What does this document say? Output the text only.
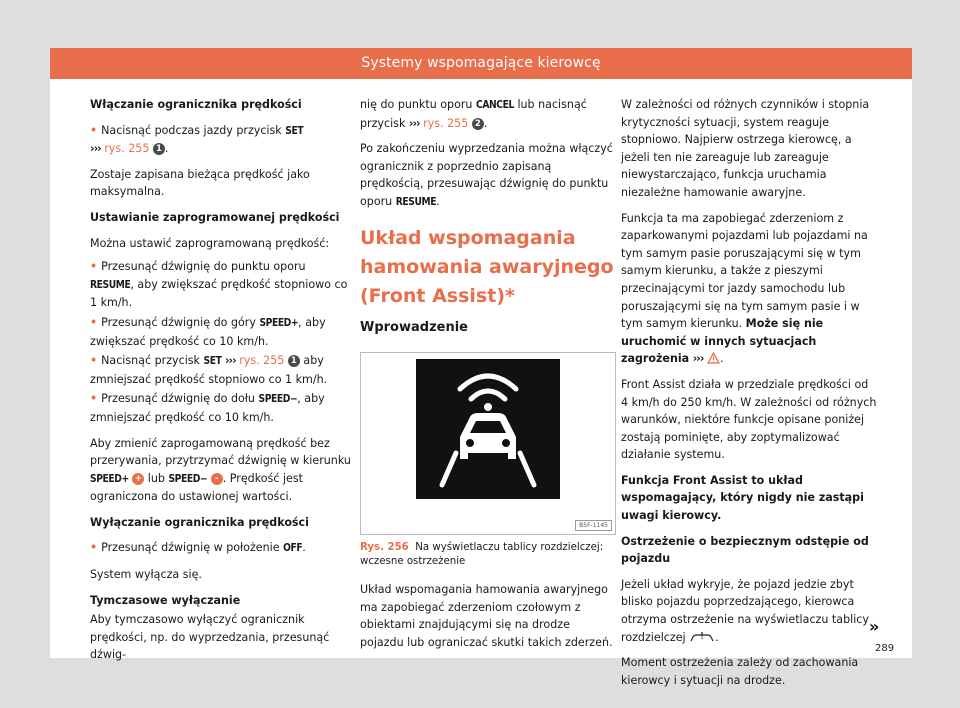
Systemy wspomagające kierowcę

Włączanie ogranicznika prędkości

• Nacisnąć podczas jazdy przycisk SET
››› rys. 255 1 .

Zostaje zapisana bieżąca prędkość jako maksymalna.

Ustawianie zaprogramowanej prędkości

Można ustawić zaprogramowaną prędkość:

• Przesunąć dźwignię do punktu oporu RESUME, aby zwiększać prędkość stopniowo co 1 km/h.

• Przesunąć dźwignię do góry SPEED+, aby zwiększać prędkość co 10 km/h.

• Nacisnąć przycisk SET ››› rys. 255 1 aby zmniejszać prędkość stopniowo co 1 km/h.

• Przesunąć dźwignię do dołu SPEED−, aby zmniejszać prędkość co 10 km/h.

Aby zmienić zaprogamowaną prędkość bez przerywania, przytrzymać dźwignię w kierunku SPEED+ + lub SPEED− - . Prędkość jest ograniczona do ustawionej wartości.

Wyłączanie ogranicznika prędkości

• Przesunąć dźwignię w położenie OFF.

System wyłącza się.

Tymczasowe wyłączanie

Aby tymczasowo wyłączyć ogranicznik prędkości, np. do wyprzedzania, przesunąć dźwig-

nię do punktu oporu CANCEL lub nacisnąć przycisk ››› rys. 255 2 .

Po zakończeniu wyprzedzania można włączyć ogranicznik z poprzednio zapisaną prędkością, przesuwając dźwignię do punktu oporu RESUME.

Układ wspomagania hamowania awaryjnego (Front Assist)*
Wprowadzenie
B5F-1145

Rys. 256 Na wyświetlaczu tablicy rozdzielczej: wczesne ostrzeżenie

Układ wspomagania hamowania awaryjnego ma zapobiegać zderzeniom czołowym z obiektami znajdującymi się na drodze pojazdu lub ograniczać skutki takich zderzeń.

W zależności od różnych czynników i stopnia krytyczności sytuacji, system reaguje stopniowo. Najpierw ostrzega kierowcę, a jeżeli ten nie zareaguje lub zareaguje niewystarczająco, funkcja uruchamia niezależne hamowanie awaryjne.

Funkcja ta ma zapobiegać zderzeniom z zaparkowanymi pojazdami lub pojazdami na tym samym pasie poruszającymi się w tym samym kierunku, a także z pieszymi przecinającymi tor jazdy samochodu lub poruszającymi się na tym samym pasie i w tym samym kierunku. Może się nie uruchomić w innych sytuacjach zagrożenia ››› .

Front Assist działa w przedziale prędkości od 4 km/h do 250 km/h. W zależności od różnych warunków, niektóre funkcje opisane poniżej zostają pominięte, aby zoptymalizować działanie systemu.

Funkcja Front Assist to układ wspomagający, który nigdy nie zastąpi uwagi kierowcy.

Ostrzeżenie o bezpiecznym odstępie od pojazdu

Jeżeli układ wykryje, że pojazd jedzie zbyt blisko pojazdu poprzedzającego, kierowca otrzyma ostrzeżenie na wyświetlaczu tablicy rozdzielczej .

Moment ostrzeżenia zależy od zachowania kierowcy i sytuacji na drodze.

»
289
